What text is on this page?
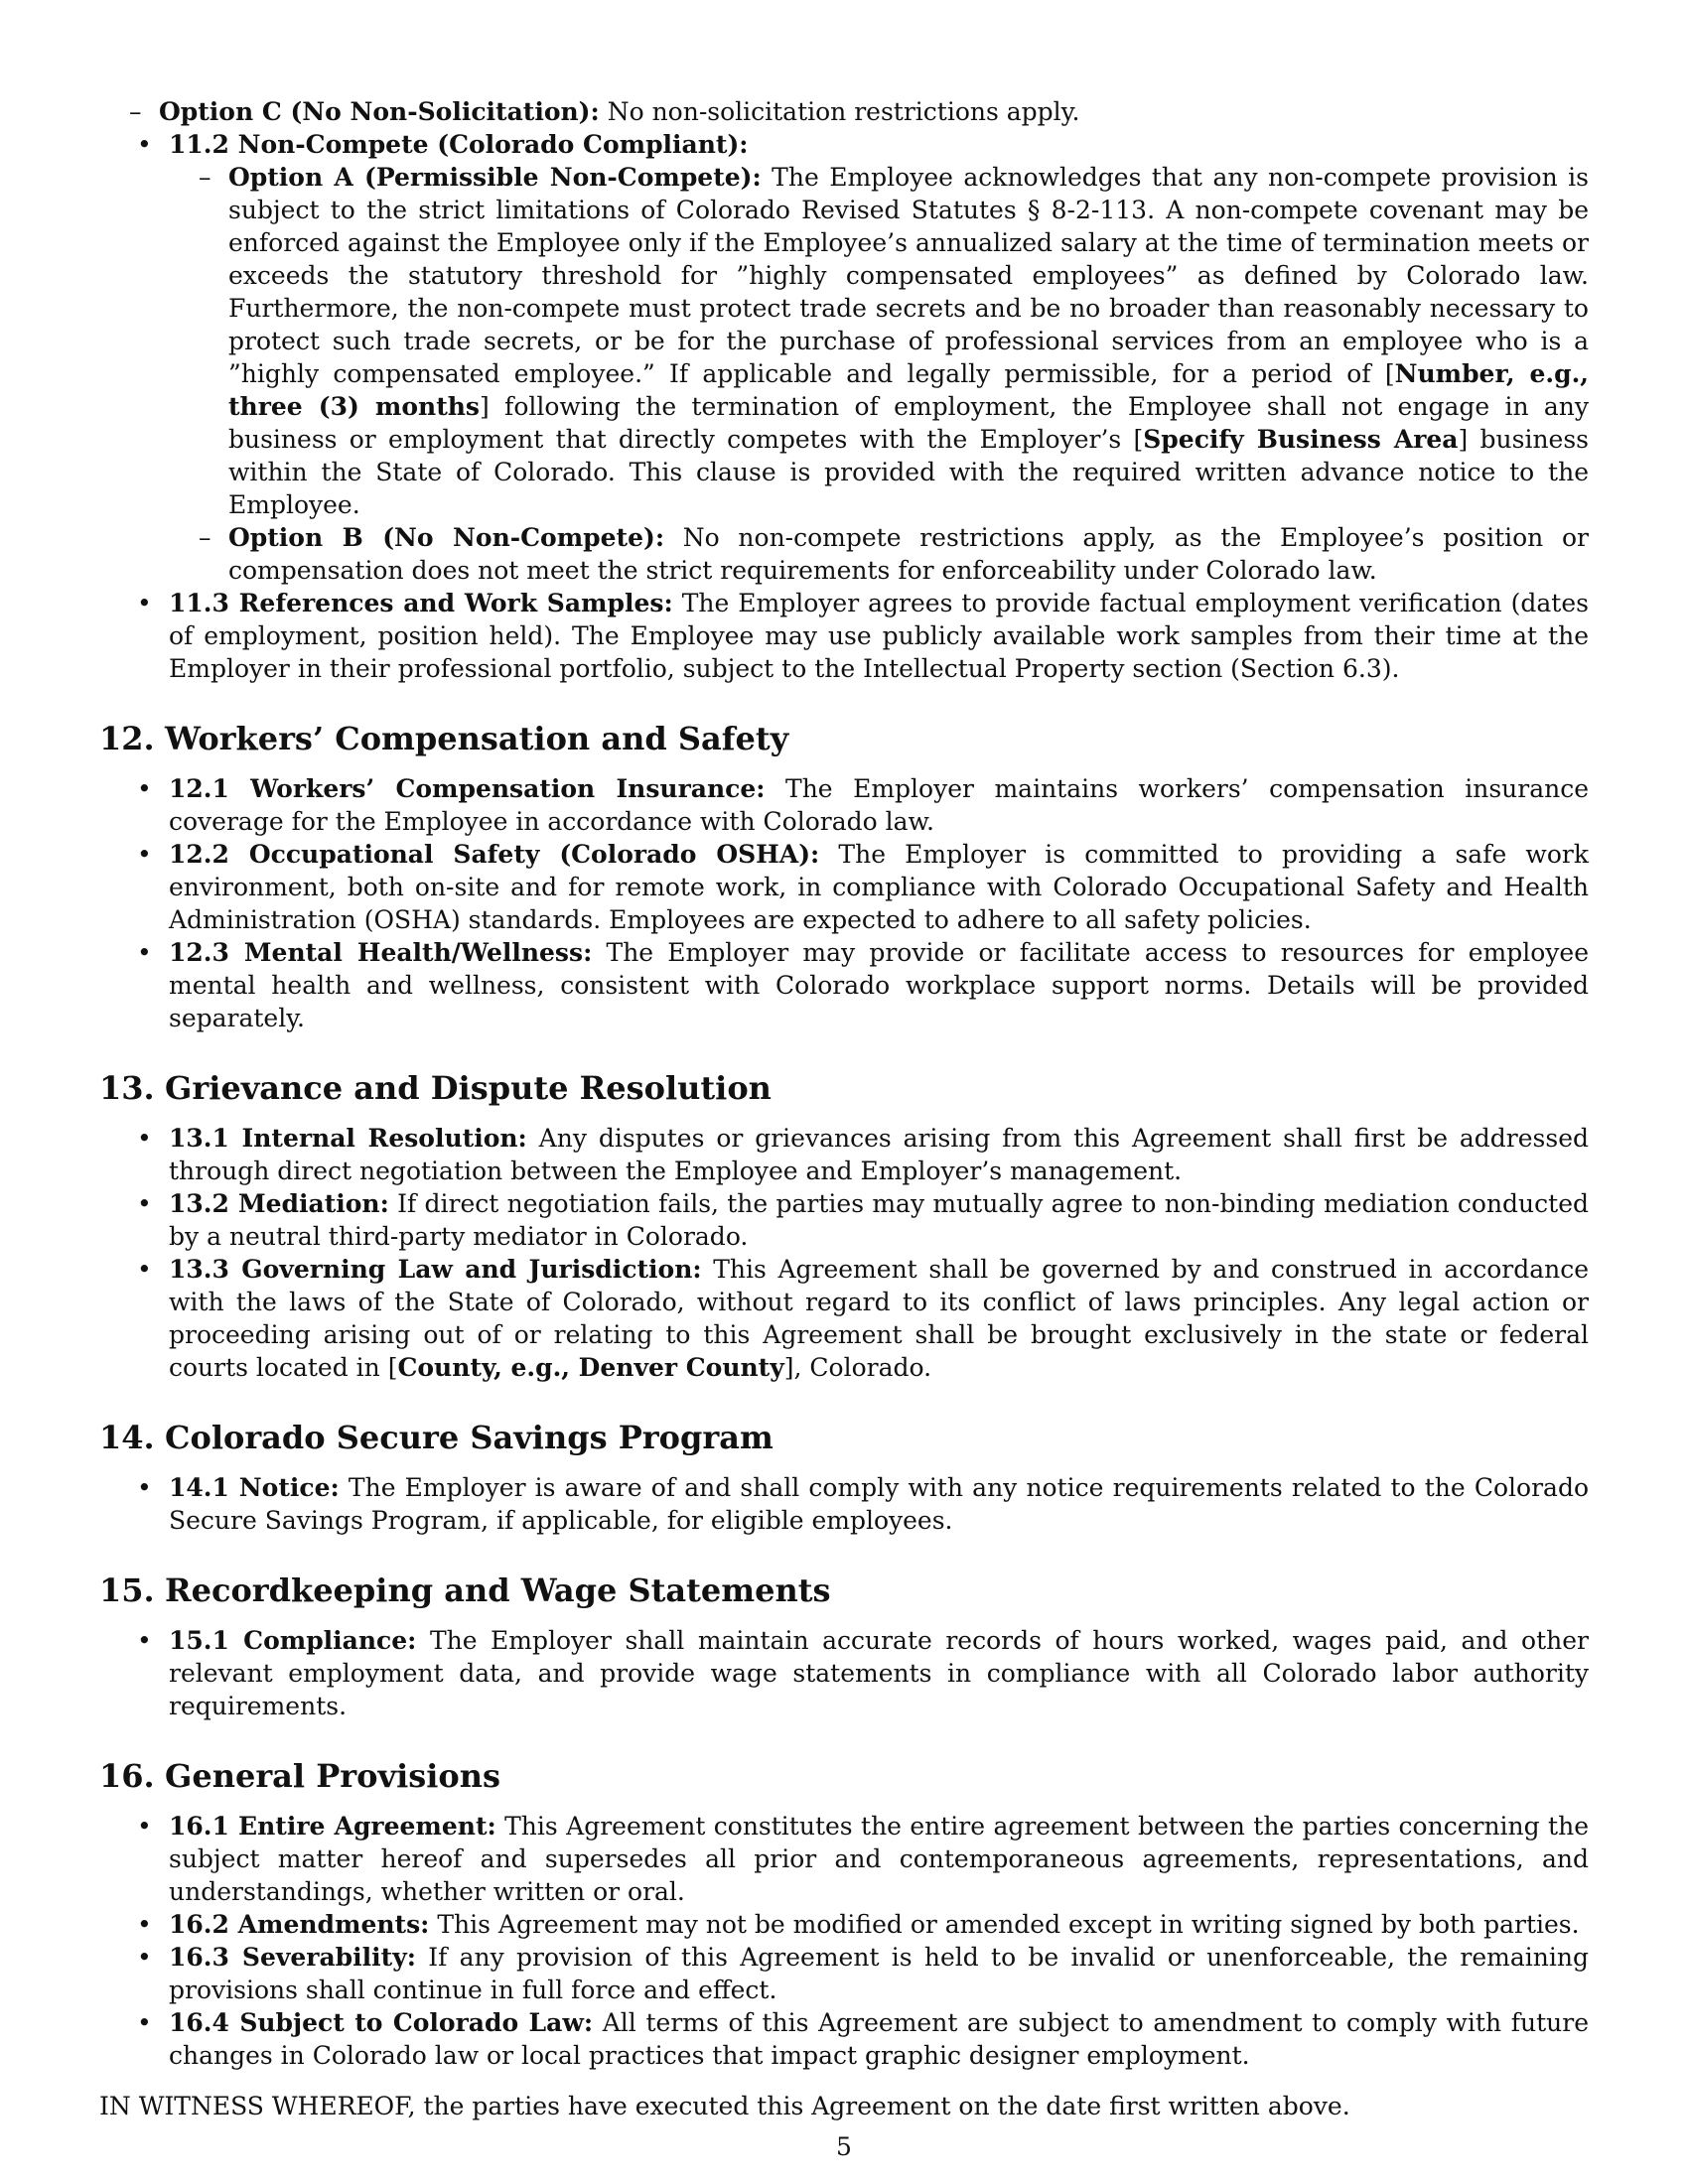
– Option C (No Non-Solicitation): No non-solicitation restrictions apply.
• 11.2 Non-Compete (Colorado Compliant):
– Option A (Permissible Non-Compete): The Employee acknowledges that any non-compete provision is subject to the strict limitations of Colorado Revised Statutes § 8-2-113. A non-compete covenant may be enforced against the Employee only if the Employee’s annualized salary at the time of termination meets or exceeds the statutory threshold for ”highly compensated employees” as defined by Colorado law. Furthermore, the non-compete must protect trade secrets and be no broader than reasonably necessary to protect such trade secrets, or be for the purchase of professional services from an employee who is a ”highly compensated employee.” If applicable and legally permissible, for a period of [Number, e.g., three (3) months] following the termination of employment, the Employee shall not engage in any business or employment that directly competes with the Employer’s [Specify Business Area] business within the State of Colorado. This clause is provided with the required written advance notice to the Employee.
– Option B (No Non-Compete): No non-compete restrictions apply, as the Employee’s position or compensation does not meet the strict requirements for enforceability under Colorado law.
• 11.3 References and Work Samples: The Employer agrees to provide factual employment verification (dates of employment, position held). The Employee may use publicly available work samples from their time at the Employer in their professional portfolio, subject to the Intellectual Property section (Section 6.3).
12. Workers’ Compensation and Safety
• 12.1 Workers’ Compensation Insurance: The Employer maintains workers’ compensation insurance coverage for the Employee in accordance with Colorado law.
• 12.2 Occupational Safety (Colorado OSHA): The Employer is committed to providing a safe work environment, both on-site and for remote work, in compliance with Colorado Occupational Safety and Health Administration (OSHA) standards. Employees are expected to adhere to all safety policies.
• 12.3 Mental Health/Wellness: The Employer may provide or facilitate access to resources for employee mental health and wellness, consistent with Colorado workplace support norms. Details will be provided separately.
13. Grievance and Dispute Resolution
• 13.1 Internal Resolution: Any disputes or grievances arising from this Agreement shall first be addressed through direct negotiation between the Employee and Employer’s management.
• 13.2 Mediation: If direct negotiation fails, the parties may mutually agree to non-binding mediation conducted by a neutral third-party mediator in Colorado.
• 13.3 Governing Law and Jurisdiction: This Agreement shall be governed by and construed in accordance with the laws of the State of Colorado, without regard to its conflict of laws principles. Any legal action or proceeding arising out of or relating to this Agreement shall be brought exclusively in the state or federal courts located in [County, e.g., Denver County], Colorado.
14. Colorado Secure Savings Program
• 14.1 Notice: The Employer is aware of and shall comply with any notice requirements related to the Colorado Secure Savings Program, if applicable, for eligible employees.
15. Recordkeeping and Wage Statements
• 15.1 Compliance: The Employer shall maintain accurate records of hours worked, wages paid, and other relevant employment data, and provide wage statements in compliance with all Colorado labor authority requirements.
16. General Provisions
• 16.1 Entire Agreement: This Agreement constitutes the entire agreement between the parties concerning the subject matter hereof and supersedes all prior and contemporaneous agreements, representations, and understandings, whether written or oral.
• 16.2 Amendments: This Agreement may not be modified or amended except in writing signed by both parties.
• 16.3 Severability: If any provision of this Agreement is held to be invalid or unenforceable, the remaining provisions shall continue in full force and effect.
• 16.4 Subject to Colorado Law: All terms of this Agreement are subject to amendment to comply with future changes in Colorado law or local practices that impact graphic designer employment.

IN WITNESS WHEREOF, the parties have executed this Agreement on the date first written above.

5
